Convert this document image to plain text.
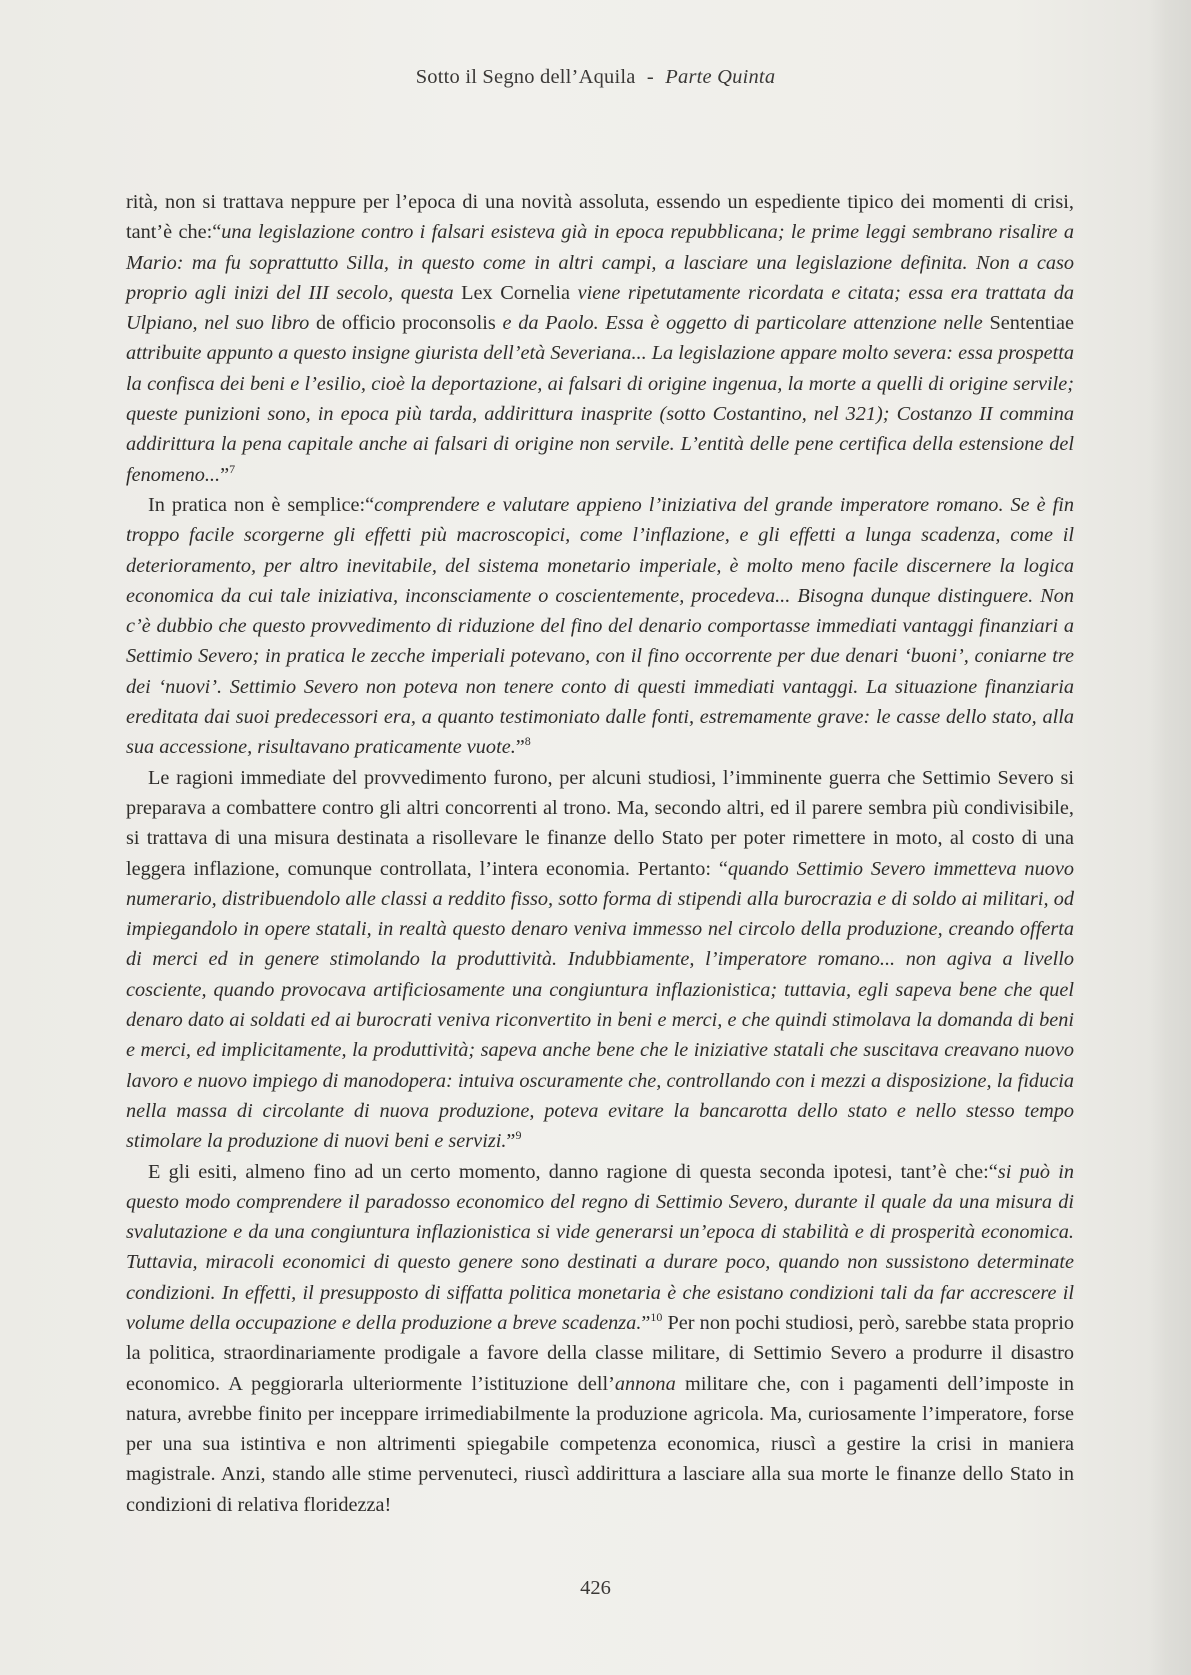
Sotto il Segno dell’Aquila - Parte Quinta

rità, non si trattava neppure per l’epoca di una novità assoluta, essendo un espediente tipico dei momenti di crisi, tant’è che:“una legislazione contro i falsari esisteva già in epoca repubblicana; le prime leggi sembrano risalire a Mario: ma fu soprattutto Silla, in questo come in altri campi, a lasciare una legislazione definita. Non a caso proprio agli inizi del III secolo, questa Lex Cornelia viene ripetutamente ricordata e citata; essa era trattata da Ulpiano, nel suo libro de officio proconsolis e da Paolo. Essa è oggetto di particolare attenzione nelle Sententiae attribuite appunto a questo insigne giurista dell’età Severiana... La legislazione appare molto severa: essa prospetta la confisca dei beni e l’esilio, cioè la deportazione, ai falsari di origine ingenua, la morte a quelli di origine servile; queste punizioni sono, in epoca più tarda, addirittura inasprite (sotto Costantino, nel 321); Costanzo II commina addirittura la pena capitale anche ai falsari di origine non servile. L’entità delle pene certifica della estensione del fenomeno...”$^7$

In pratica non è semplice:“comprendere e valutare appieno l’iniziativa del grande imperatore romano. Se è fin troppo facile scorgerne gli effetti più macroscopici, come l’inflazione, e gli effetti a lunga scadenza, come il deterioramento, per altro inevitabile, del sistema monetario imperiale, è molto meno facile discernere la logica economica da cui tale iniziativa, inconsciamente o coscientemente, procedeva... Bisogna dunque distinguere. Non c’è dubbio che questo provvedimento di riduzione del fino del denario comportasse immediati vantaggi finanziari a Settimio Severo; in pratica le zecche imperiali potevano, con il fino occorrente per due denari ‘buoni’, coniarne tre dei ‘nuovi’. Settimio Severo non poteva non tenere conto di questi immediati vantaggi. La situazione finanziaria ereditata dai suoi predecessori era, a quanto testimoniato dalle fonti, estremamente grave: le casse dello stato, alla sua accessione, risultavano praticamente vuote.”$^8$

Le ragioni immediate del provvedimento furono, per alcuni studiosi, l’imminente guerra che Settimio Severo si preparava a combattere contro gli altri concorrenti al trono. Ma, secondo altri, ed il parere sembra più condivisibile, si trattava di una misura destinata a risollevare le finanze dello Stato per poter rimettere in moto, al costo di una leggera inflazione, comunque controllata, l’intera economia. Pertanto: “quando Settimio Severo immetteva nuovo numerario, distribuendolo alle classi a reddito fisso, sotto forma di stipendi alla burocrazia e di soldo ai militari, od impiegandolo in opere statali, in realtà questo denaro veniva immesso nel circolo della produzione, creando offerta di merci ed in genere stimolando la produttività. Indubbiamente, l’imperatore romano... non agiva a livello cosciente, quando provocava artificiosamente una congiuntura inflazionistica; tuttavia, egli sapeva bene che quel denaro dato ai soldati ed ai burocrati veniva riconvertito in beni e merci, e che quindi stimolava la domanda di beni e merci, ed implicitamente, la produttività; sapeva anche bene che le iniziative statali che suscitava creavano nuovo lavoro e nuovo impiego di manodopera: intuiva oscuramente che, controllando con i mezzi a disposizione, la fiducia nella massa di circolante di nuova produzione, poteva evitare la bancarotta dello stato e nello stesso tempo stimolare la produzione di nuovi beni e servizi.”$^9$

E gli esiti, almeno fino ad un certo momento, danno ragione di questa seconda ipotesi, tant’è che:“si può in questo modo comprendere il paradosso economico del regno di Settimio Severo, durante il quale da una misura di svalutazione e da una congiuntura inflazionistica si vide generarsi un’epoca di stabilità e di prosperità economica. Tuttavia, miracoli economici di questo genere sono destinati a durare poco, quando non sussistono determinate condizioni. In effetti, il presupposto di siffatta politica monetaria è che esistano condizioni tali da far accrescere il volume della occupazione e della produzione a breve scadenza.”$^{10}$ Per non pochi studiosi, però, sarebbe stata proprio la politica, straordinariamente prodigale a favore della classe militare, di Settimio Severo a produrre il disastro economico. A peggiorarla ulteriormente l’istituzione dell’annona militare che, con i pagamenti dell’imposte in natura, avrebbe finito per inceppare irrimediabilmente la produzione agricola. Ma, curiosamente l’imperatore, forse per una sua istintiva e non altrimenti spiegabile competenza economica, riuscì a gestire la crisi in maniera magistrale. Anzi, stando alle stime pervenuteci, riuscì addirittura a lasciare alla sua morte le finanze dello Stato in condizioni di relativa floridezza!

426
